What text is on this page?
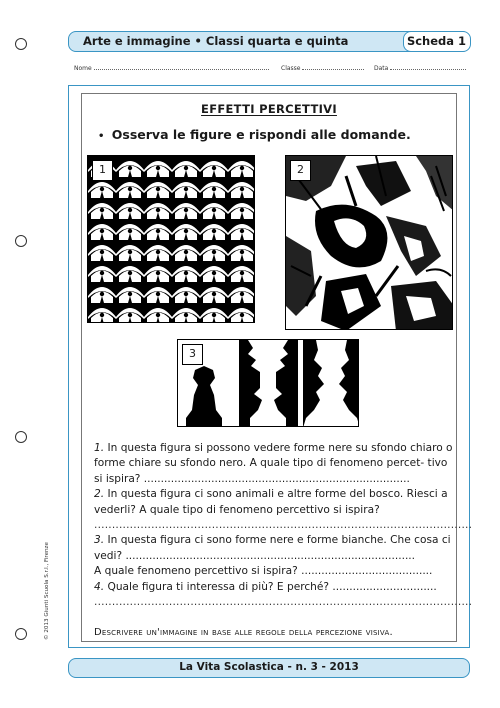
Arte e immagine • Classi quarta e quinta	Scheda 1
Nome	Classe	Data
© 2013 Giunti Scuola S.r.l., Firenze
EFFETTI PERCETTIVI
• Osserva le figure e rispondi alle domande.
1	2
3

1. In questa figura si possono vedere forme nere su sfondo chiaro o forme chiare su sfondo nero. A quale tipo di fenomeno percet- tivo si ispira? ...............................................................................

2. In questa figura ci sono animali e altre forme del bosco. Riesci a vederli? A quale tipo di fenomeno percettivo si ispira?

..........................................................................................................

3. In questa figura ci sono forme nere e forme bianche. Che cosa ci vedi? ......................................................................................

A quale fenomeno percettivo si ispira? .......................................

4. Quale figura ti interessa di più? E perché? ...............................

..........................................................................................................

Descrivere un'immagine in base alle regole della percezione visiva.
La Vita Scolastica - n. 3 - 2013
